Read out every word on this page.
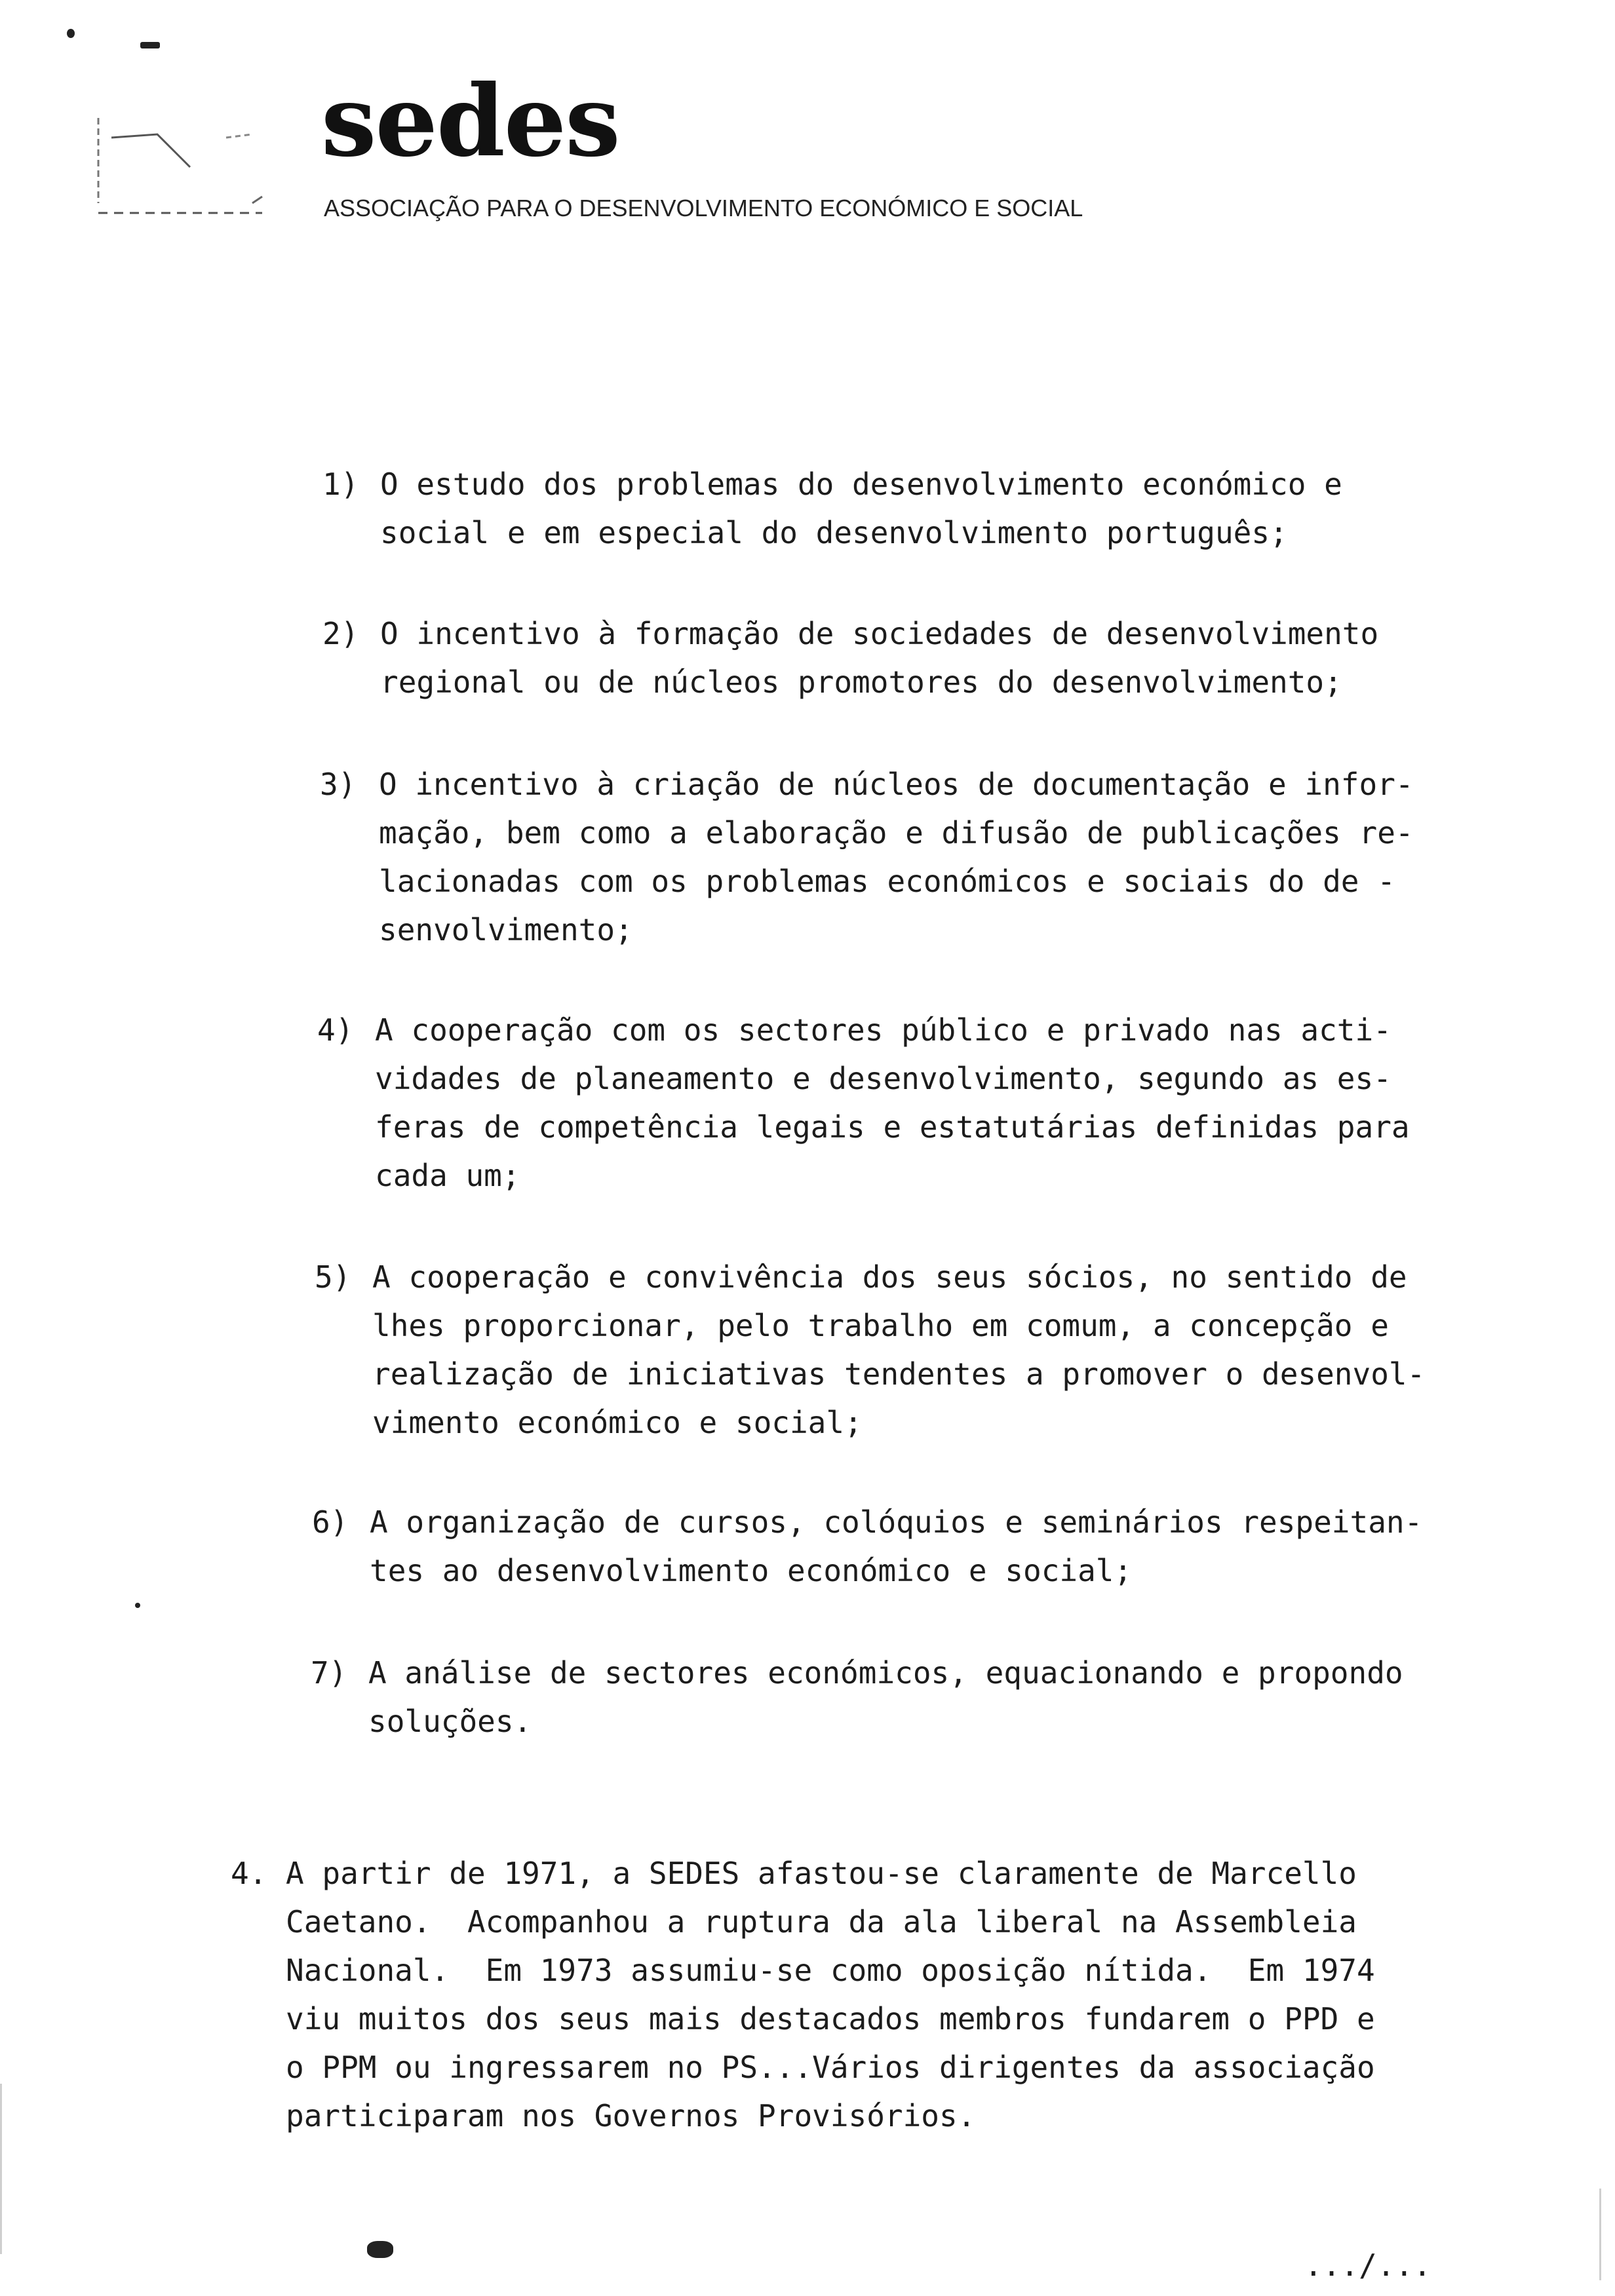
sedes
ASSOCIAÇÃO PARA O DESENVOLVIMENTO ECONÓMICO E SOCIAL
1) O estudo dos problemas do desenvolvimento económico e
social e em especial do desenvolvimento português;
2) O incentivo à formação de sociedades de desenvolvimento
regional ou de núcleos promotores do desenvolvimento;
3) O incentivo à criação de núcleos de documentação e infor-
mação, bem como a elaboração e difusão de publicações re-
lacionadas com os problemas económicos e sociais do de -
senvolvimento;
4) A cooperação com os sectores público e privado nas acti-
vidades de planeamento e desenvolvimento, segundo as es-
feras de competência legais e estatutárias definidas para
cada um;
5) A cooperação e convivência dos seus sócios, no sentido de
lhes proporcionar, pelo trabalho em comum, a concepção e
realização de iniciativas tendentes a promover o desenvol-
vimento económico e social;
6) A organização de cursos, colóquios e seminários respeitan-
tes ao desenvolvimento económico e social;
7) A análise de sectores económicos, equacionando e propondo
soluções.
4. A partir de 1971, a SEDES afastou-se claramente de Marcello
Caetano.  Acompanhou a ruptura da ala liberal na Assembleia
Nacional.  Em 1973 assumiu-se como oposição nítida.  Em 1974
viu muitos dos seus mais destacados membros fundarem o PPD e
o PPM ou ingressarem no PS...Vários dirigentes da associação
participaram nos Governos Provisórios.
.../...
